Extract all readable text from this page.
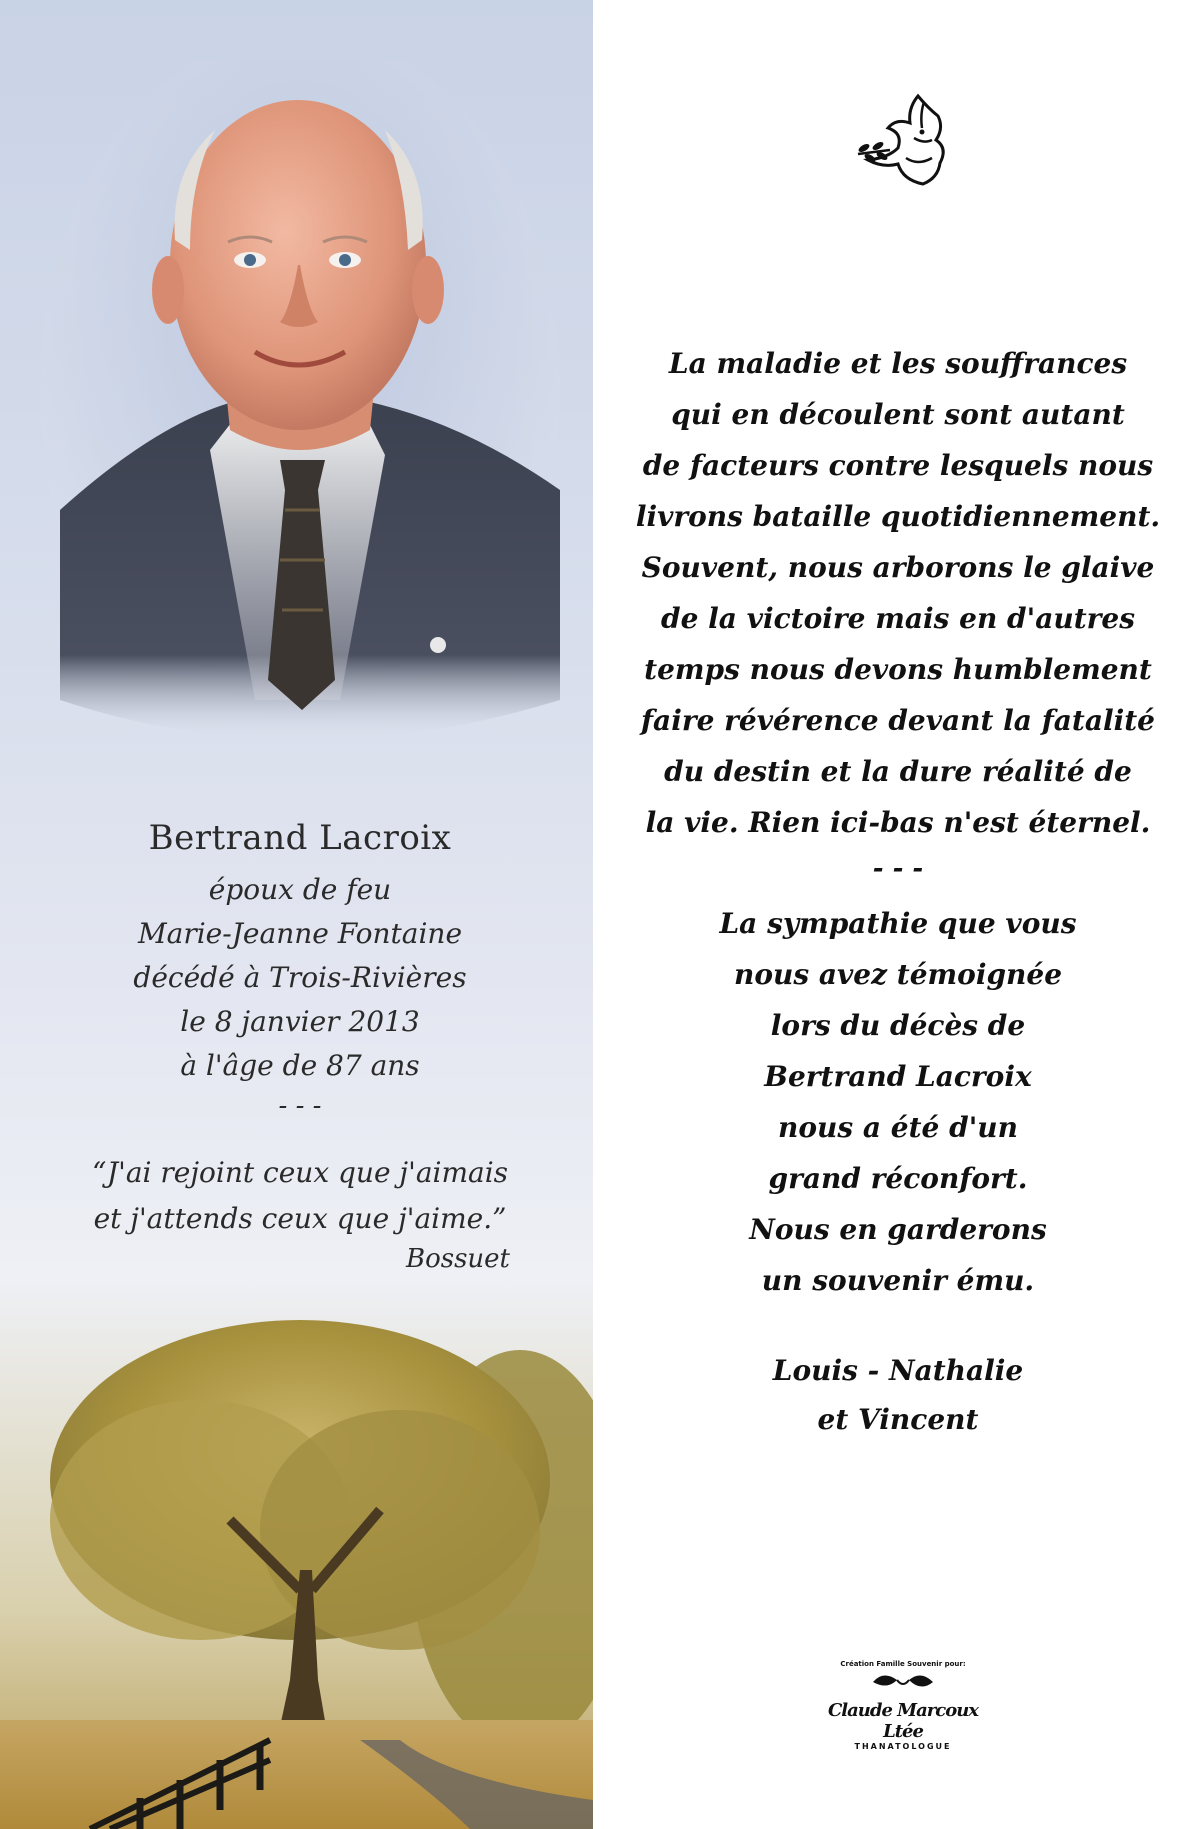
Bertrand Lacroix
époux de feu
Marie-Jeanne Fontaine
décédé à Trois-Rivières
le 8 janvier 2013
à l'âge de 87 ans
- - -
“J'ai rejoint ceux que j'aimais
et j'attends ceux que j'aime.”
Bossuet
La maladie et les souffrances
qui en découlent sont autant
de facteurs contre lesquels nous
livrons bataille quotidiennement.
Souvent, nous arborons le glaive
de la victoire mais en d'autres
temps nous devons humblement
faire révérence devant la fatalité
du destin et la dure réalité de
la vie. Rien ici-bas n'est éternel.
- - -
La sympathie que vous
nous avez témoignée
lors du décès de
Bertrand Lacroix
nous a été d'un
grand réconfort.
Nous en garderons
un souvenir ému.
Louis - Nathalie
et Vincent
Création Famille Souvenir pour:
Claude Marcoux Ltée
THANATOLOGUE
